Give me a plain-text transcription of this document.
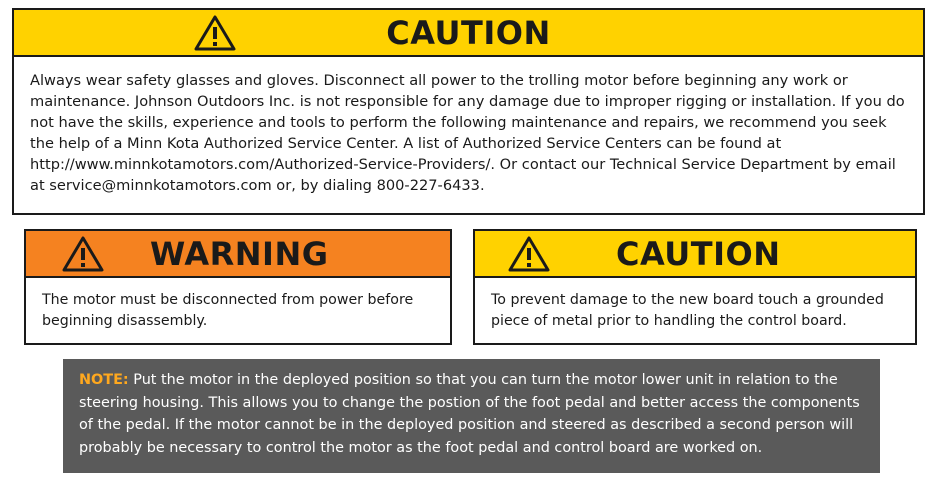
CAUTION
Always wear safety glasses and gloves. Disconnect all power to the trolling motor before beginning any work or maintenance. Johnson Outdoors Inc. is not responsible for any damage due to improper rigging or installation. If you do not have the skills, experience and tools to perform the following maintenance and repairs, we recommend you seek the help of a Minn Kota Authorized Service Center. A list of Authorized Service Centers can be found at http://www.minnkotamotors.com/Authorized-Service-Providers/. Or contact our Technical Service Department by email at service@minnkotamotors.com or, by dialing 800-227-6433.
WARNING
The motor must be disconnected from power before beginning disassembly.
CAUTION
To prevent damage to the new board touch a grounded piece of metal prior to handling the control board.
NOTE: Put the motor in the deployed position so that you can turn the motor lower unit in relation to the steering housing. This allows you to change the postion of the foot pedal and better access the components of the pedal. If the motor cannot be in the deployed position and steered as described a second person will probably be necessary to control the motor as the foot pedal and control board are worked on.
